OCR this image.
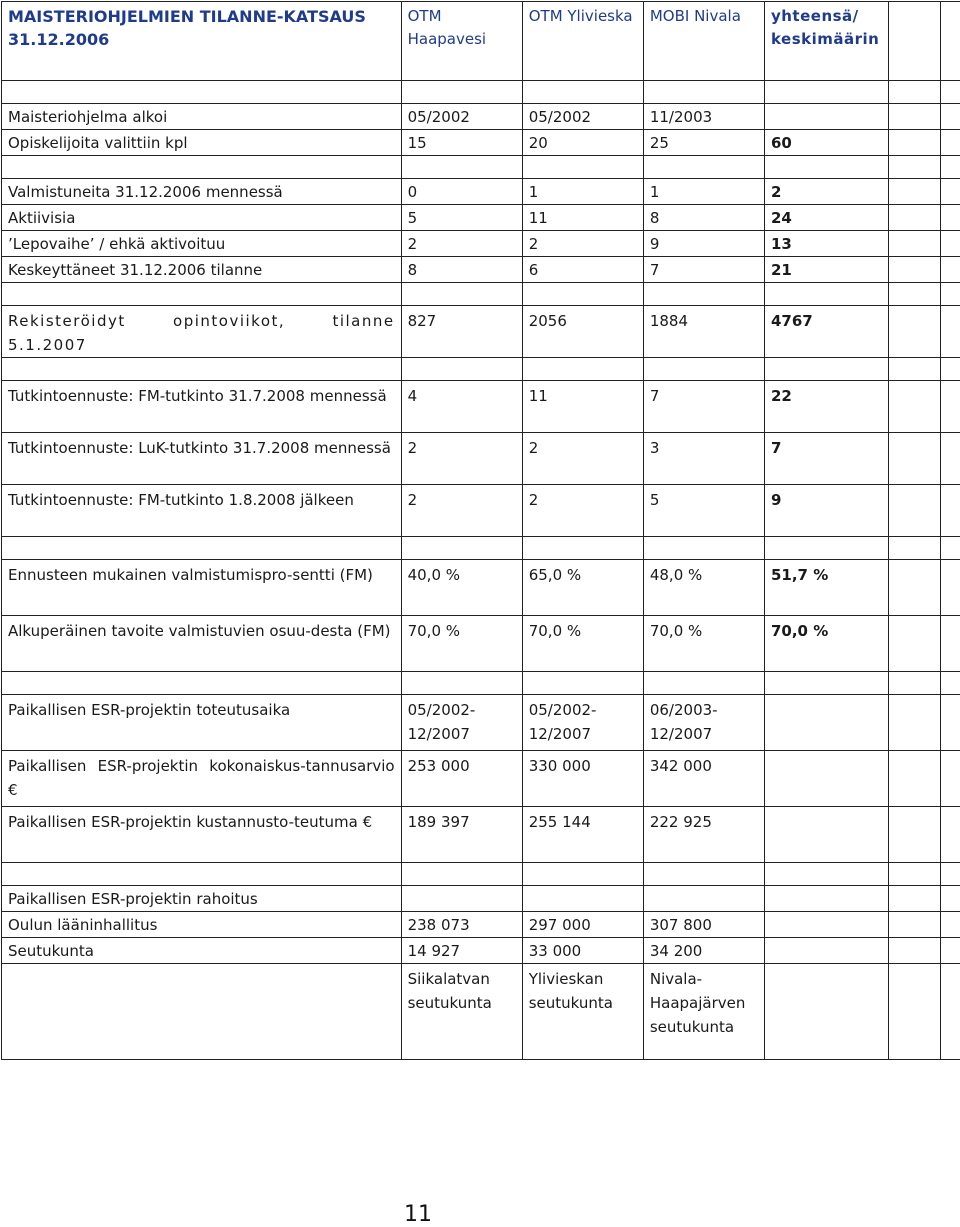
MAISTERIOHJELMIEN TILANNE-KATSAUS 31.12.2006	OTM Haapavesi	OTM Ylivieska	MOBI Nivala	yhteensä/ keskimäärin		

Maisteriohjelma alkoi	05/2002	05/2002	11/2003			
Opiskelijoita valittiin kpl	15	20	25	60		

Valmistuneita 31.12.2006 mennessä	0	1	1	2		
Aktiivisia	5	11	8	24		
’Lepovaihe’ / ehkä aktivoituu	2	2	9	13		
Keskeyttäneet 31.12.2006 tilanne	8	6	7	21		

Rekisteröidyt opintoviikot, tilanne 5.1.2007	827	2056	1884	4767		

Tutkintoennuste: FM-tutkinto 31.7.2008 mennessä	4	11	7	22		
Tutkintoennuste: LuK-tutkinto 31.7.2008 mennessä	2	2	3	7		
Tutkintoennuste: FM-tutkinto 1.8.2008 jälkeen	2	2	5	9		

Ennusteen mukainen valmistumispro-sentti (FM)	40,0 %	65,0 %	48,0 %	51,7 %		
Alkuperäinen tavoite valmistuvien osuu-desta (FM)	70,0 %	70,0 %	70,0 %	70,0 %		

Paikallisen ESR-projektin toteutusaika	05/2002-12/2007	05/2002-12/2007	06/2003-12/2007			
Paikallisen ESR-projektin kokonaiskus-tannusarvio €	253 000	330 000	342 000			
Paikallisen ESR-projektin kustannusto-teutuma €	189 397	255 144	222 925			

Paikallisen ESR-projektin rahoitus						
Oulun lääninhallitus	238 073	297 000	307 800			
Seutukunta	14 927	33 000	34 200			
	Siikalatvan seutukunta	Ylivieskan seutukunta	Nivala-Haapajärven seutukunta			
11
